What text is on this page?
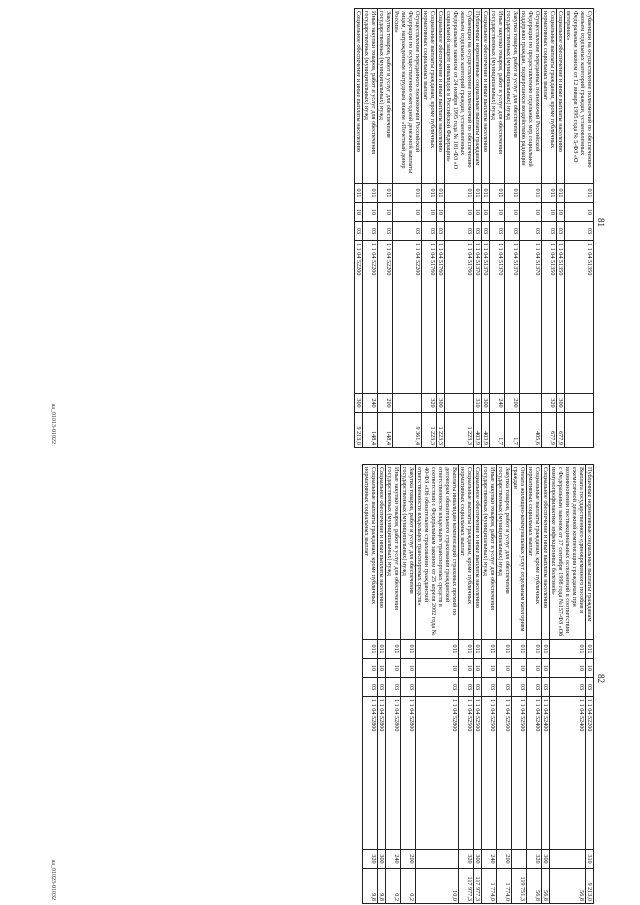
81
Субвенции на осуществление полномочий по обеспечению жильем отдельных категорий граждан, установленных Федеральным законом от 12 января 1995 года № 5-ФЗ «О ветеранах»	011	10	03	1 1 04 51350		
Социальное обеспечение и иные выплаты населению	011	10	03	1 1 04 51350	300	677,9
Социальные выплаты гражданам, кроме публичных нормативных социальных выплат	011	10	03	1 1 04 51350	320	677,9
Осуществление переданных полномочий Российской Федерации по предоставлению отдельных мер социальной поддержки граждан, подвергшихся воздействию радиации	011	10	03	1 1 04 51370		405,6
Закупка товаров, работ и услуг для обеспечения государственных (муниципальных) нужд	011	10	03	1 1 04 51370	200	1,7
Иные закупки товаров, работ и услуг для обеспечения государственных (муниципальных) нужд	011	10	03	1 1 04 51370	240	1,7
Социальное обеспечение и иные выплаты населению	011	10	03	1 1 04 51370	300	403,9
Публичные нормативные социальные выплаты гражданам	011	10	03	1 1 04 51370	310	403,9
Субвенции на осуществление полномочий по обеспечению жильем отдельных категорий граждан, установленных Федеральным законом от 24 ноября 1995 года № 181-ФЗ «О социальной защите инвалидов в Российской Федерации»	011	10	03	1 1 04 51760		1 223,3
Социальное обеспечение и иные выплаты населению	011	10	03	1 1 04 51760	300	1 223,3
Социальные выплаты гражданам, кроме публичных нормативных социальных выплат	011	10	03	1 1 04 51760	320	1 223,3
Осуществление переданного полномочия Российской Федерации по осуществлению ежегодной денежной выплаты лицам, награжденным нагрудным знаком «Почетный донор России»	011	10	03	1 1 04 52200		9 361,4
Закупка товаров, работ и услуг для обеспечения государственных (муниципальных) нужд	011	10	03	1 1 04 52200	200	148,4
Иные закупки товаров, работ и услуг для обеспечения государственных (муниципальных) нужд	011	10	03	1 1 04 52200	240	148,4
Социальное обеспечение и иные выплаты населению	011	10	03	1 1 04 52200	300	9 213,0
aa_01013-01022
82
Публичные нормативные социальные выплаты гражданам	011	10	03	1 1 04 52200	310	9 213,0
Выплата государственного единовременного пособия и ежемесячной денежной компенсации гражданам при возникновении поствакцинальных осложнений в соответствии с Федеральным законом от 17 сентября 1998 года №157-ФЗ «Об иммунопрофилактике инфекционных болезней»	011	10	03	1 1 04 52400		56,8
Социальное обеспечение и иные выплаты населению	011	10	03	1 1 04 52400	300	56,8
Социальные выплаты гражданам, кроме публичных нормативных социальных выплат	011	10	03	1 1 04 52400	320	56,8
Оплата жилищно-коммунальных услуг отдельным категориям граждан	011	10	03	1 1 04 52500		119 751,3
Закупка товаров, работ и услуг для обеспечения государственных (муниципальных) нужд	011	10	03	1 1 04 52500	200	1 774,0
Иные закупки товаров, работ и услуг для обеспечения государственных (муниципальных) нужд	011	10	03	1 1 04 52500	240	1 774,0
Социальное обеспечение и иные выплаты населению	011	10	03	1 1 04 52500	300	117 977,3
Социальные выплаты гражданам, кроме публичных нормативных социальных выплат	011	10	03	1 1 04 52500	320	117 977,3
Выплаты инвалидам компенсаций страховых премий по договорам обязательного страхования гражданской ответственности владельцев транспортных средств в соответствии с Федеральным законом от 25 апреля 2002 года № 40-ФЗ «Об обязательном страховании гражданской ответственности владельцев транспортных средств»	011	10	03	1 1 04 52800		10,0
Закупка товаров, работ и услуг для обеспечения государственных (муниципальных) нужд	011	10	03	1 1 04 52800	200	0,2
Иные закупки товаров, работ и услуг для обеспечения государственных (муниципальных) нужд	011	10	03	1 1 04 52800	240	0,2
Социальное обеспечение и иные выплаты населению	011	10	03	1 1 04 52800	300	9,8
Социальные выплаты гражданам, кроме публичных нормативных социальных выплат	011	10	03	1 1 04 52800	320	9,8
aa_01023-01032
